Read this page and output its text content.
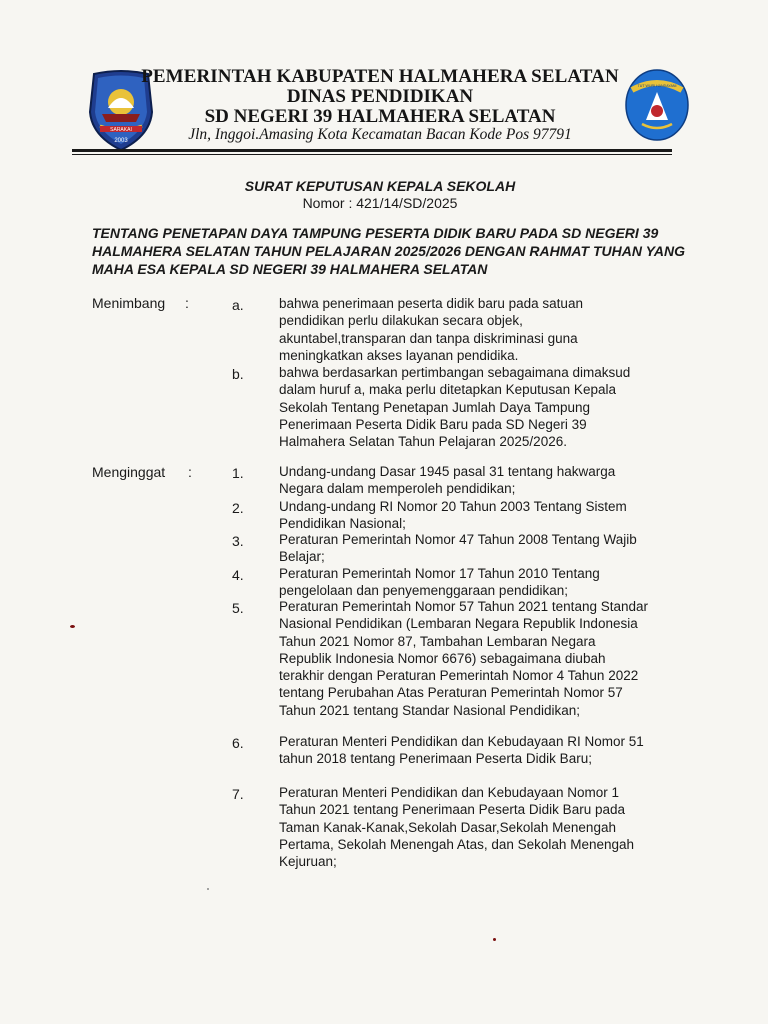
SARAKAI
2003
TUT WURI HANDAYANI
PEMERINTAH KABUPATEN HALMAHERA SELATAN
DINAS PENDIDIKAN
SD NEGERI 39 HALMAHERA SELATAN
Jln, Inggoi.Amasing Kota Kecamatan Bacan Kode Pos 97791
SURAT KEPUTUSAN KEPALA SEKOLAH
Nomor : 421/14/SD/2025
TENTANG PENETAPAN DAYA TAMPUNG PESERTA DIDIK BARU PADA SD NEGERI 39 HALMAHERA SELATAN TAHUN PELAJARAN 2025/2026 DENGAN RAHMAT TUHAN YANG MAHA ESA KEPALA SD NEGERI 39 HALMAHERA SELATAN
Menimbang :	a.	bahwa penerimaan peserta didik baru pada satuan pendidikan perlu dilakukan secara objek, akuntabel,transparan dan tanpa diskriminasi guna meningkatkan akses layanan pendidika.
b.	bahwa berdasarkan pertimbangan sebagaimana dimaksud dalam huruf a, maka perlu ditetapkan Keputusan Kepala Sekolah Tentang Penetapan Jumlah Daya Tampung Penerimaan Peserta Didik Baru pada SD Negeri 39 Halmahera Selatan Tahun Pelajaran 2025/2026.
Menginggat :	1.	Undang-undang Dasar 1945 pasal 31 tentang hakwarga Negara dalam memperoleh pendidikan;
2.	Undang-undang RI Nomor 20 Tahun 2003 Tentang Sistem Pendidikan Nasional;
3.	Peraturan Pemerintah Nomor 47 Tahun 2008 Tentang Wajib Belajar;
4.	Peraturan Pemerintah Nomor 17 Tahun 2010 Tentang pengelolaan dan penyemenggaraan pendidikan;
5.	Peraturan Pemerintah Nomor 57 Tahun 2021 tentang Standar Nasional Pendidikan (Lembaran Negara Republik Indonesia Tahun 2021 Nomor 87, Tambahan Lembaran Negara Republik Indonesia Nomor 6676) sebagaimana diubah terakhir dengan Peraturan Pemerintah Nomor 4 Tahun 2022 tentang Perubahan Atas Peraturan Pemerintah Nomor 57 Tahun 2021 tentang Standar Nasional Pendidikan;
6.	Peraturan Menteri Pendidikan dan Kebudayaan RI Nomor 51 tahun 2018 tentang Penerimaan Peserta Didik Baru;
7.	Peraturan Menteri Pendidikan dan Kebudayaan Nomor 1 Tahun 2021 tentang Penerimaan Peserta Didik Baru pada Taman Kanak-Kanak,Sekolah Dasar,Sekolah Menengah Pertama, Sekolah Menengah Atas, dan Sekolah Menengah Kejuruan;
